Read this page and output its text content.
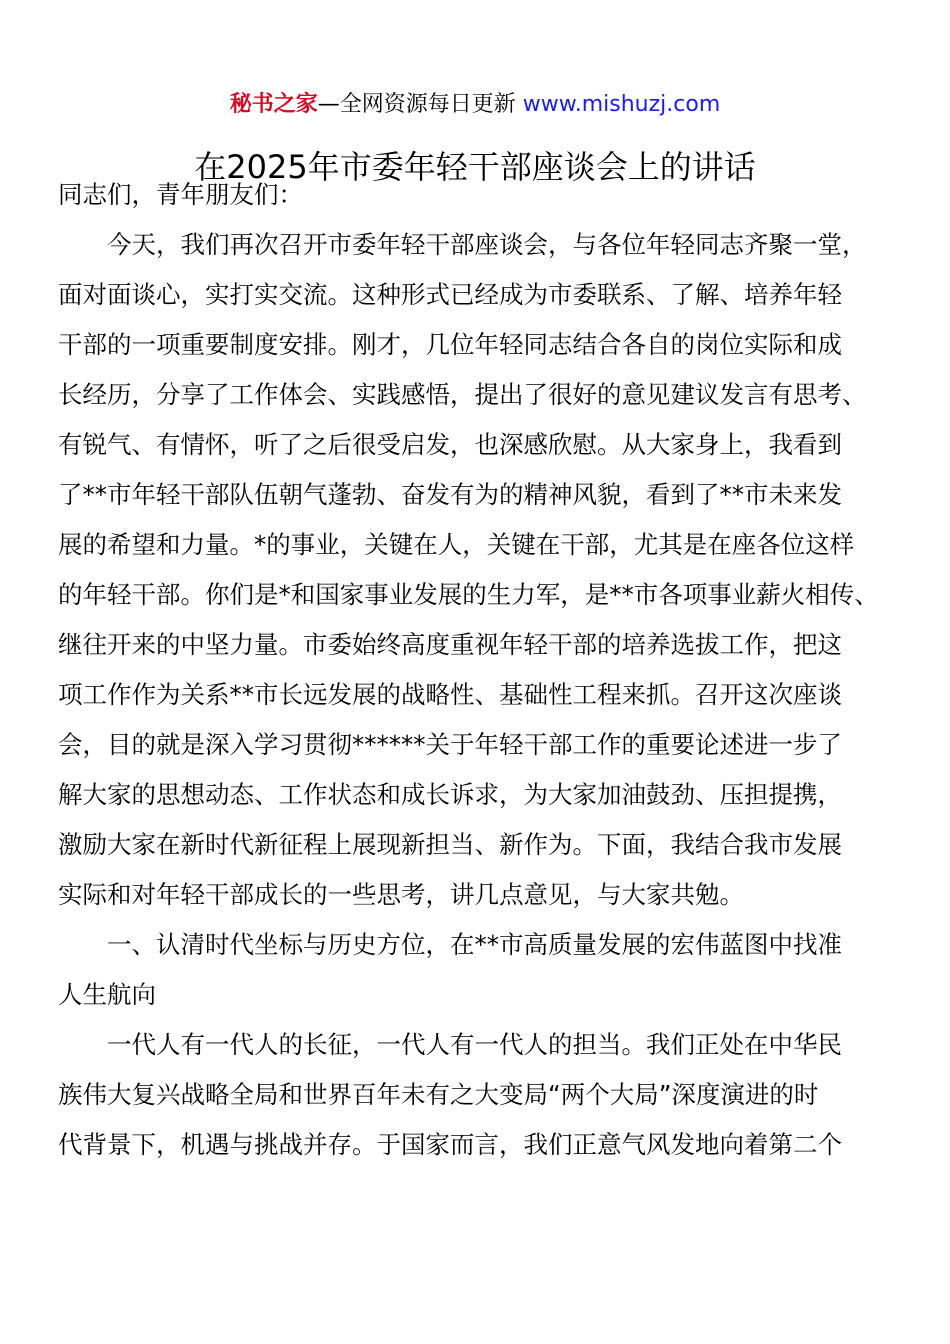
秘书之家—全网资源每日更新 www.mishuzj.com
在2025年市委年轻干部座谈会上的讲话

同志们，青年朋友们：

今天，我们再次召开市委年轻干部座谈会，与各位年轻同志齐聚一堂，
面对面谈心，实打实交流。这种形式已经成为市委联系、了解、培养年轻
干部的一项重要制度安排。刚才，几位年轻同志结合各自的岗位实际和成
长经历，分享了工作体会、实践感悟，提出了很好的意见建议发言有思考、
有锐气、有情怀，听了之后很受启发，也深感欣慰。从大家身上，我看到
了**市年轻干部队伍朝气蓬勃、奋发有为的精神风貌，看到了**市未来发
展的希望和力量。*的事业，关键在人，关键在干部，尤其是在座各位这样
的年轻干部。你们是*和国家事业发展的生力军，是**市各项事业薪火相传、
继往开来的中坚力量。市委始终高度重视年轻干部的培养选拔工作，把这
项工作作为关系**市长远发展的战略性、基础性工程来抓。召开这次座谈
会，目的就是深入学习贯彻******关于年轻干部工作的重要论述进一步了
解大家的思想动态、工作状态和成长诉求，为大家加油鼓劲、压担提携，
激励大家在新时代新征程上展现新担当、新作为。下面，我结合我市发展
实际和对年轻干部成长的一些思考，讲几点意见，与大家共勉。

一、认清时代坐标与历史方位，在**市高质量发展的宏伟蓝图中找准
人生航向

一代人有一代人的长征，一代人有一代人的担当。我们正处在中华民
族伟大复兴战略全局和世界百年未有之大变局“两个大局”深度演进的时
代背景下，机遇与挑战并存。于国家而言，我们正意气风发地向着第二个
